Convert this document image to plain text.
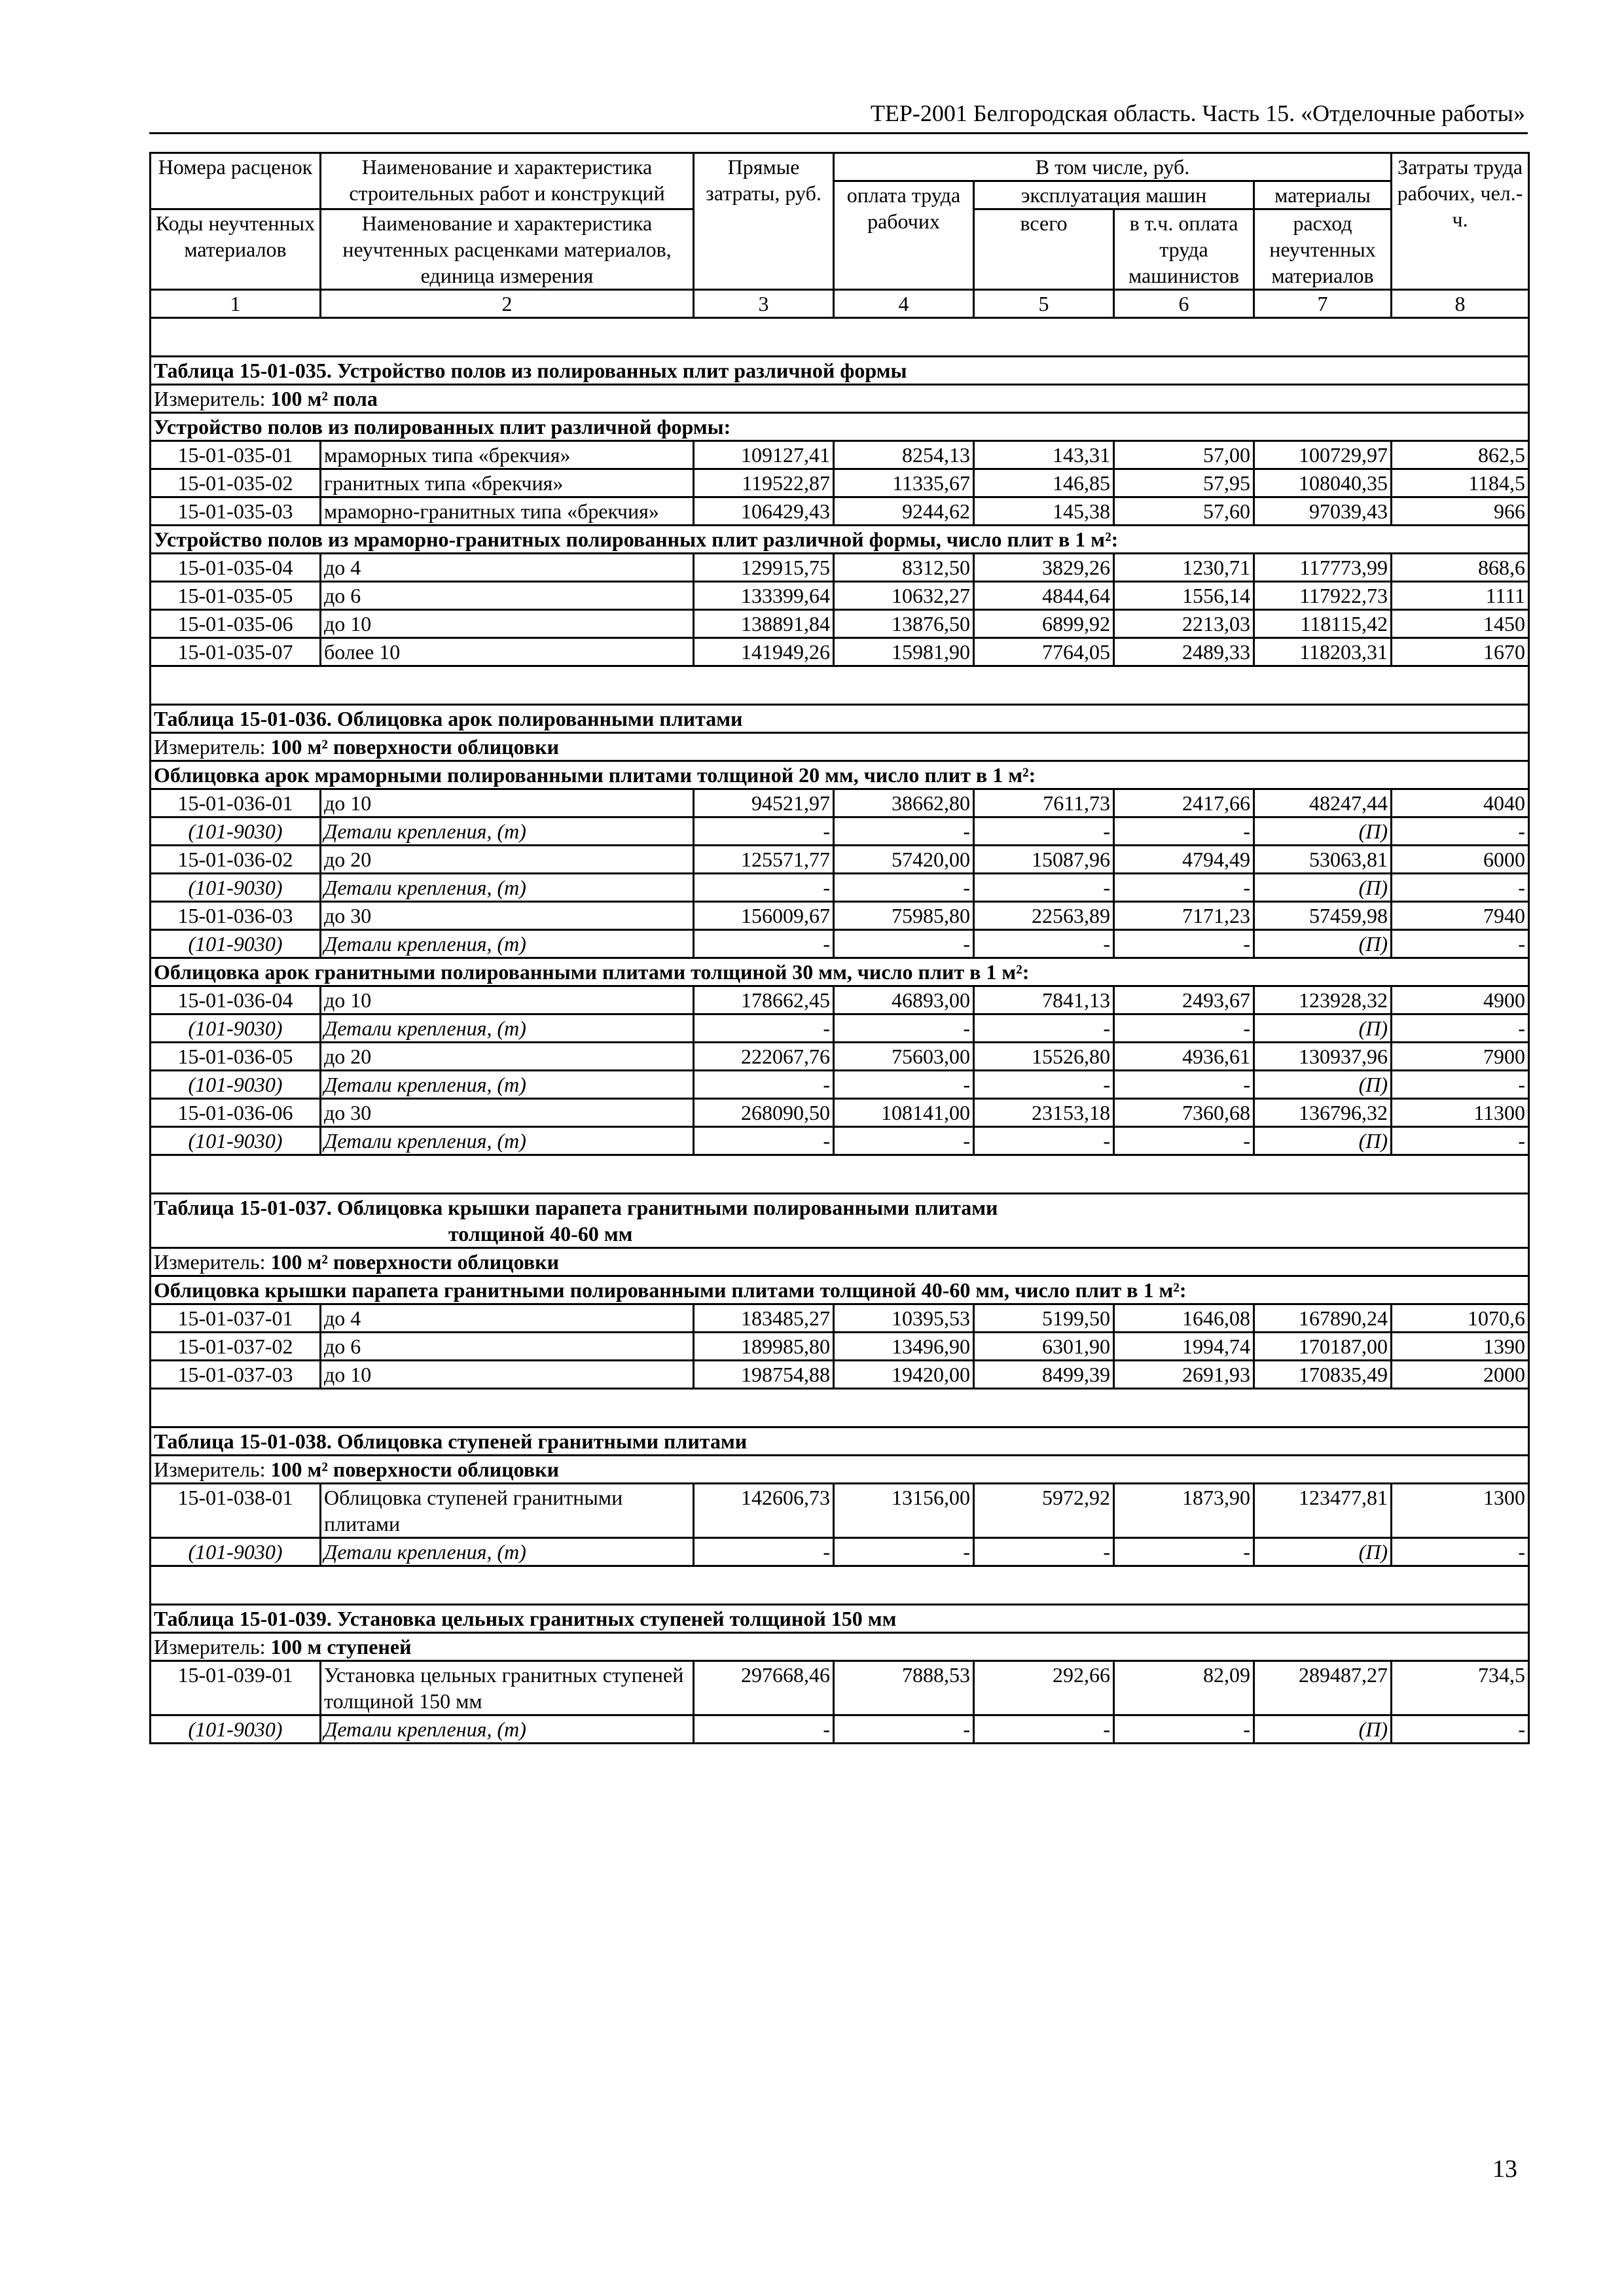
ТЕР-2001 Белгородская область. Часть 15. «Отделочные работы»
Номера расценок	Наименование и характеристика строительных работ и конструкций	Прямые затраты, руб.	В том числе, руб.				Затраты труда рабочих, чел.-ч.
			оплата труда рабочих	эксплуатация машин		материалы	
Коды неучтенных материалов	Наименование и характеристика неучтенных расценками материалов, единица измерения			всего	в т.ч. оплата труда машинистов	расход неучтенных материалов	

1	2	3	4	5	6	7	8

Таблица 15-01-035. Устройство полов из полированных плит различной формы							
Измеритель: 100 м² пола							
Устройство полов из полированных плит различной формы:							
15-01-035-01	мраморных типа «брекчия»	109127,41	8254,13	143,31	57,00	100729,97	862,5
15-01-035-02	гранитных типа «брекчия»	119522,87	11335,67	146,85	57,95	108040,35	1184,5
15-01-035-03	мраморно-гранитных типа «брекчия»	106429,43	9244,62	145,38	57,60	97039,43	966
Устройство полов из мраморно-гранитных полированных плит различной формы, число плит в 1 м²:							
15-01-035-04	до 4	129915,75	8312,50	3829,26	1230,71	117773,99	868,6
15-01-035-05	до 6	133399,64	10632,27	4844,64	1556,14	117922,73	1111
15-01-035-06	до 10	138891,84	13876,50	6899,92	2213,03	118115,42	1450
15-01-035-07	более 10	141949,26	15981,90	7764,05	2489,33	118203,31	1670

Таблица 15-01-036. Облицовка арок полированными плитами							
Измеритель: 100 м² поверхности облицовки							
Облицовка арок мраморными полированными плитами толщиной 20 мм, число плит в 1 м²:							
15-01-036-01	до 10	94521,97	38662,80	7611,73	2417,66	48247,44	4040
(101-9030)	Детали крепления, (т)	-	-	-	-	(П)	-
15-01-036-02	до 20	125571,77	57420,00	15087,96	4794,49	53063,81	6000
(101-9030)	Детали крепления, (т)	-	-	-	-	(П)	-
15-01-036-03	до 30	156009,67	75985,80	22563,89	7171,23	57459,98	7940
(101-9030)	Детали крепления, (т)	-	-	-	-	(П)	-
Облицовка арок гранитными полированными плитами толщиной 30 мм, число плит в 1 м²:							
15-01-036-04	до 10	178662,45	46893,00	7841,13	2493,67	123928,32	4900
(101-9030)	Детали крепления, (т)	-	-	-	-	(П)	-
15-01-036-05	до 20	222067,76	75603,00	15526,80	4936,61	130937,96	7900
(101-9030)	Детали крепления, (т)	-	-	-	-	(П)	-
15-01-036-06	до 30	268090,50	108141,00	23153,18	7360,68	136796,32	11300
(101-9030)	Детали крепления, (т)	-	-	-	-	(П)	-

Таблица 15-01-037. Облицовка крышки парапета гранитными полированными плитами
толщиной 40-60 мм							

Измеритель: 100 м² поверхности облицовки							
Облицовка крышки парапета гранитными полированными плитами толщиной 40-60 мм, число плит в 1 м²:							
15-01-037-01	до 4	183485,27	10395,53	5199,50	1646,08	167890,24	1070,6
15-01-037-02	до 6	189985,80	13496,90	6301,90	1994,74	170187,00	1390
15-01-037-03	до 10	198754,88	19420,00	8499,39	2691,93	170835,49	2000

Таблица 15-01-038. Облицовка ступеней гранитными плитами							
Измеритель: 100 м² поверхности облицовки							
15-01-038-01	Облицовка ступеней гранитными плитами	142606,73	13156,00	5972,92	1873,90	123477,81	1300
(101-9030)	Детали крепления, (т)	-	-	-	-	(П)	-

Таблица 15-01-039. Установка цельных гранитных ступеней толщиной 150 мм							
Измеритель: 100 м ступеней							
15-01-039-01	Установка цельных гранитных ступеней толщиной 150 мм	297668,46	7888,53	292,66	82,09	289487,27	734,5
(101-9030)	Детали крепления, (т)	-	-	-	-	(П)	-
13
